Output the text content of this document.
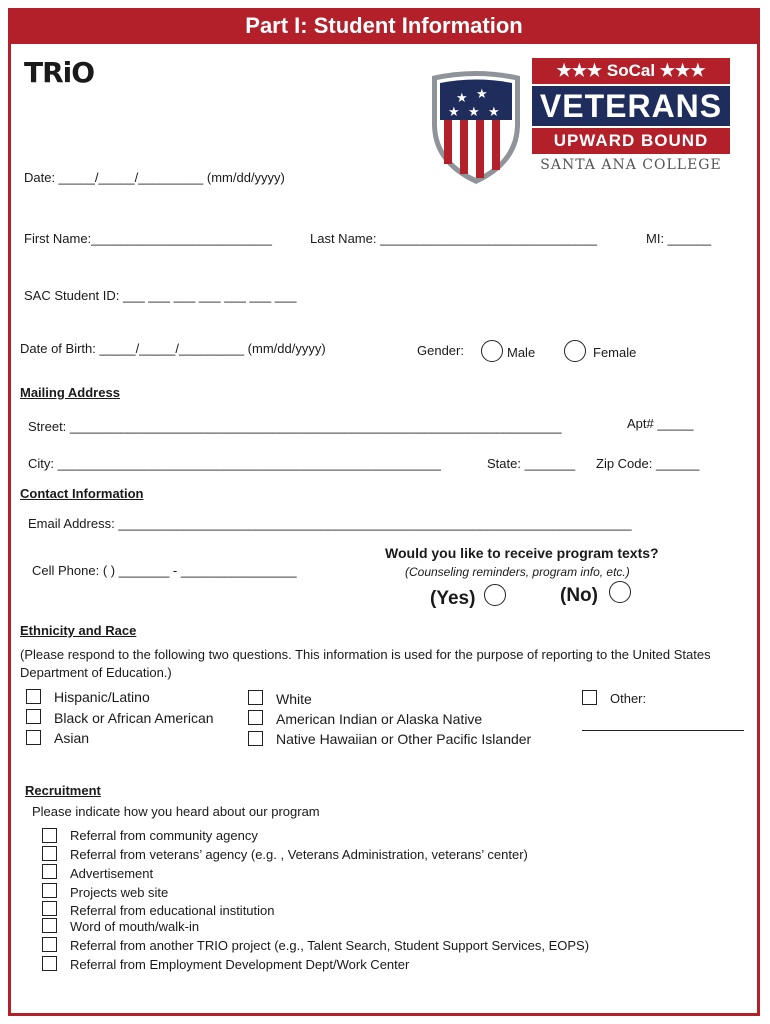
Part I: Student Information
TRiO
★ ★
★ ★ ★
★★★ SoCal ★★★
VETERANS
UPWARD BOUND
SANTA ANA COLLEGE
Date: _____/_____/_________ (mm/dd/yyyy)
First Name:_________________________	Last Name: ______________________________	MI: ______
SAC Student ID: ___ ___ ___ ___ ___ ___ ___
Date of Birth: _____/_____/_________ (mm/dd/yyyy)	Gender:	Male	Female
Mailing Address
Street: ____________________________________________________________________	Apt# _____
City: _____________________________________________________	State: _______ Zip Code: ______
Contact Information
Email Address: _______________________________________________________________________
Cell Phone: ( ) _______ - ________________
Would you like to receive program texts?
(Counseling reminders, program info, etc.)
(Yes)	(No)
Ethnicity and Race
(Please respond to the following two questions. This information is used for the purpose of reporting to the United States Department of Education.)
Hispanic/Latino
Black or African American
Asian
White
American Indian or Alaska Native
Native Hawaiian or Other Pacific Islander
Other:
Recruitment
Please indicate how you heard about our program
Referral from community agency
Referral from veterans’ agency (e.g. , Veterans Administration, veterans’ center)
Advertisement
Projects web site
Referral from educational institution
Word of mouth/walk-in
Referral from another TRIO project (e.g., Talent Search, Student Support Services, EOPS)
Referral from Employment Development Dept/Work Center
